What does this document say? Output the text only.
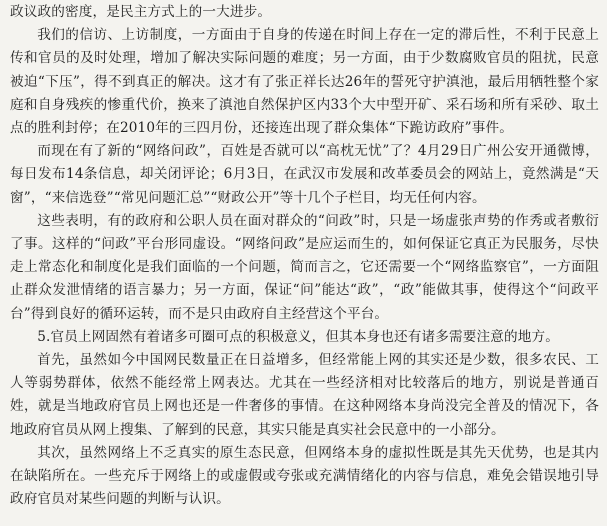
政议政的密度，是民主方式上的一大进步。

我们的信访、上访制度，一方面由于自身的传递在时间上存在一定的滞后性，不利于民意上传和官员的及时处理，增加了解决实际问题的难度；另一方面，由于少数腐败官员的阻扰，民意被迫“下压”，得不到真正的解决。这才有了张正祥长达26年的誓死守护滇池，最后用牺牲整个家庭和自身残疾的惨重代价，换来了滇池自然保护区内33个大中型开矿、采石场和所有采砂、取土点的胜利封停；在2010年的三四月份，还接连出现了群众集体“下跪访政府”事件。

而现在有了新的“网络问政”，百姓是否就可以“高枕无忧”了？4月29日广州公安开通微博，每日发布14条信息，却关闭评论；6月3日，在武汉市发展和改革委员会的网站上，竟然满是“天窗”，“来信选登”“常见问题汇总”“财政公开”等十几个子栏目，均无任何内容。

这些表明，有的政府和公职人员在面对群众的“问政”时，只是一场虚张声势的作秀或者敷衍了事。这样的“问政”平台形同虚设。“网络问政”是应运而生的，如何保证它真正为民服务，尽快走上常态化和制度化是我们面临的一个问题，简而言之，它还需要一个“网络监察官”，一方面阻止群众发泄情绪的语言暴力；另一方面，保证“问”能达“政”，“政”能做其事，使得这个“问政平台”得到良好的循环运转，而不是只由政府自主经营这个平台。

5.官员上网固然有着诸多可圈可点的积极意义，但其本身也还有诸多需要注意的地方。

首先，虽然如今中国网民数量正在日益增多，但经常能上网的其实还是少数，很多农民、工人等弱势群体，依然不能经常上网表达。尤其在一些经济相对比较落后的地方，别说是普通百姓，就是当地政府官员上网也还是一件奢侈的事情。在这种网络本身尚没完全普及的情况下，各地政府官员从网上搜集、了解到的民意，其实只能是真实社会民意中的一小部分。

其次，虽然网络上不乏真实的原生态民意，但网络本身的虚拟性既是其先天优势，也是其内在缺陷所在。一些充斥于网络上的或虚假或夸张或充满情绪化的内容与信息，难免会错误地引导政府官员对某些问题的判断与认识。
